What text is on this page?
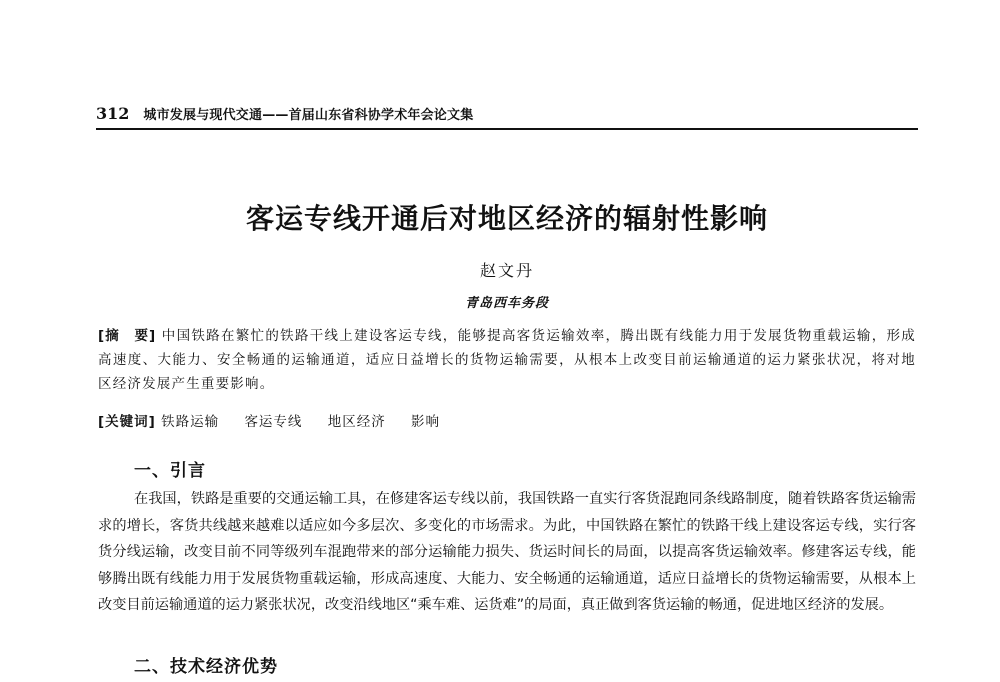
312 城市发展与现代交通——首届山东省科协学术年会论文集
客运专线开通后对地区经济的辐射性影响
赵文丹
青岛西车务段
[摘　要] 中国铁路在繁忙的铁路干线上建设客运专线，能够提高客货运输效率，腾出既有线能力用于发展货物重载运输，形成高速度、大能力、安全畅通的运输通道，适应日益增长的货物运输需要，从根本上改变目前运输通道的运力紧张状况，将对地区经济发展产生重要影响。
[关键词] 铁路运输 客运专线 地区经济 影响
一、引言
在我国，铁路是重要的交通运输工具，在修建客运专线以前，我国铁路一直实行客货混跑同条线路制度，随着铁路客货运输需求的增长，客货共线越来越难以适应如今多层次、多变化的市场需求。为此，中国铁路在繁忙的铁路干线上建设客运专线，实行客货分线运输，改变目前不同等级列车混跑带来的部分运输能力损失、货运时间长的局面，以提高客货运输效率。修建客运专线，能够腾出既有线能力用于发展货物重载运输，形成高速度、大能力、安全畅通的运输通道，适应日益增长的货物运输需要，从根本上改变目前运输通道的运力紧张状况，改变沿线地区“乘车难、运货难”的局面，真正做到客货运输的畅通，促进地区经济的发展。
二、技术经济优势
